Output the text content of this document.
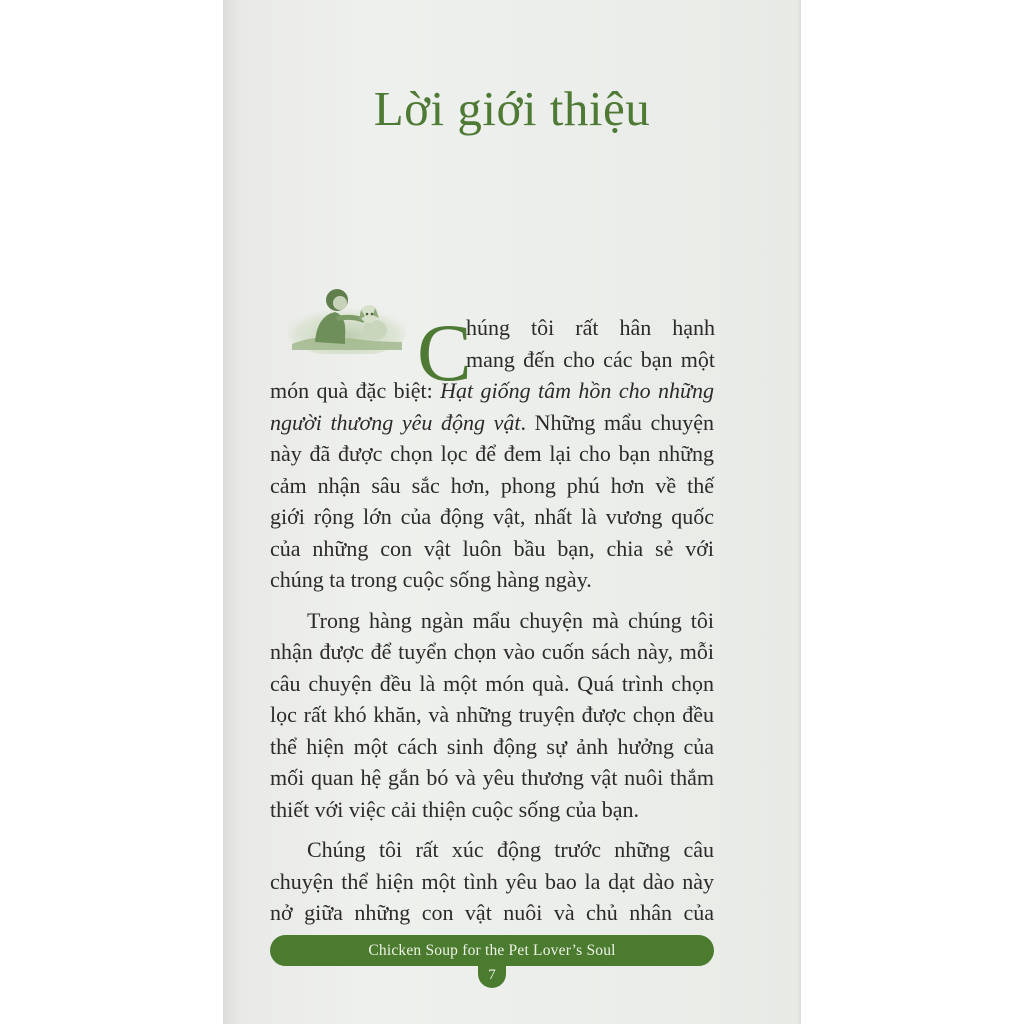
Lời giới thiệu
C
húng tôi rất hân hạnh
mang đến cho các bạn một
món quà đặc biệt: Hạt giống tâm hồn cho những
người thương yêu động vật. Những mẩu chuyện
này đã được chọn lọc để đem lại cho bạn những
cảm nhận sâu sắc hơn, phong phú hơn về thế
giới rộng lớn của động vật, nhất là vương quốc
của những con vật luôn bầu bạn, chia sẻ với
chúng ta trong cuộc sống hàng ngày.
Trong hàng ngàn mẩu chuyện mà chúng tôi
nhận được để tuyển chọn vào cuốn sách này, mỗi
câu chuyện đều là một món quà. Quá trình chọn
lọc rất khó khăn, và những truyện được chọn đều
thể hiện một cách sinh động sự ảnh hưởng của
mối quan hệ gắn bó và yêu thương vật nuôi thắm
thiết với việc cải thiện cuộc sống của bạn.
Chúng tôi rất xúc động trước những câu
chuyện thể hiện một tình yêu bao la dạt dào này
nở giữa những con vật nuôi và chủ nhân của
Chicken Soup for the Pet Lover’s Soul
7
